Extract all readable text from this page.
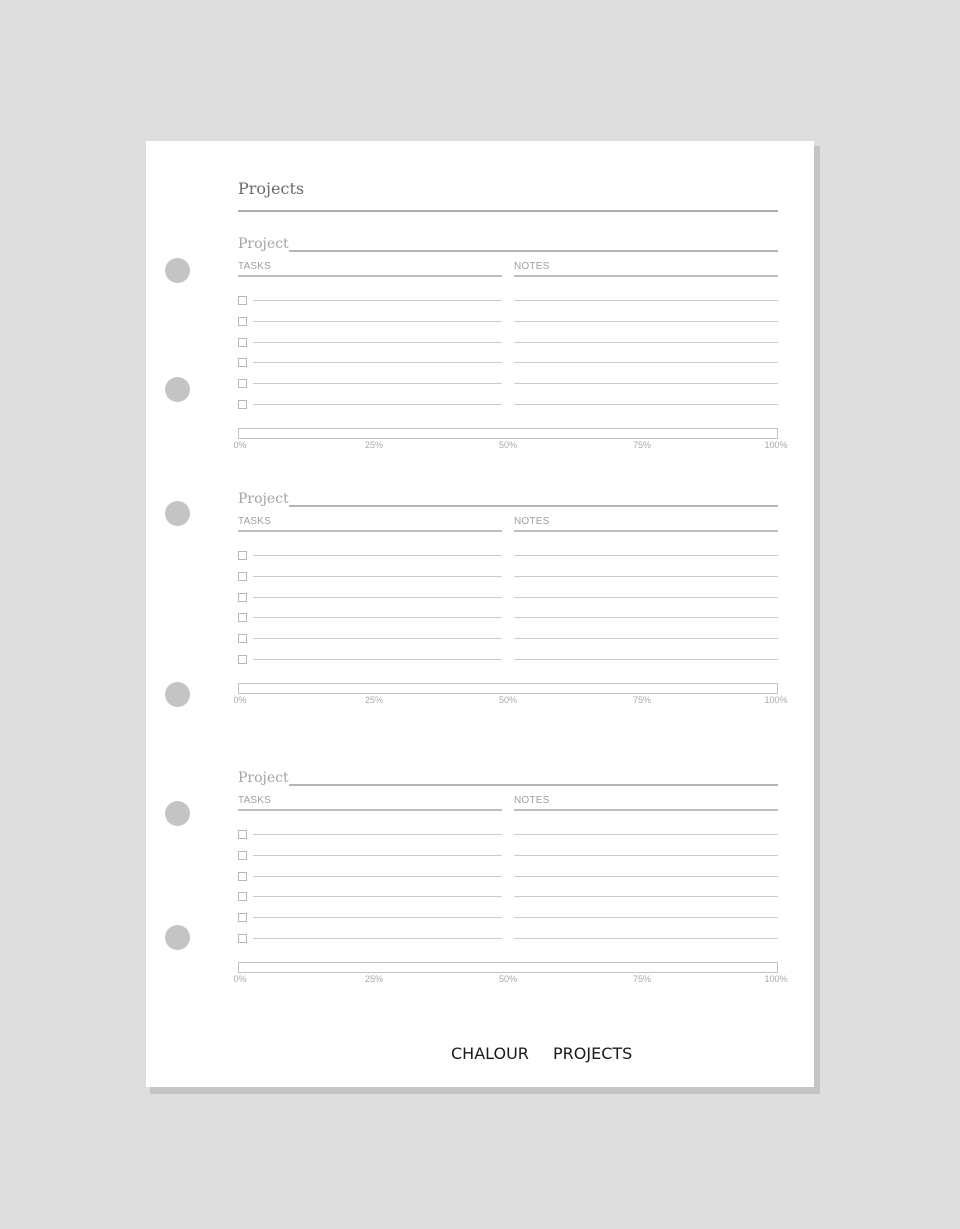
Projects
Project
TASKS	NOTES
0%	25%	50%	75%	100%
Project
TASKS	NOTES
0%	25%	50%	75%	100%
Project
TASKS	NOTES
0%	25%	50%	75%	100%
CHALOUR PROJECTS
